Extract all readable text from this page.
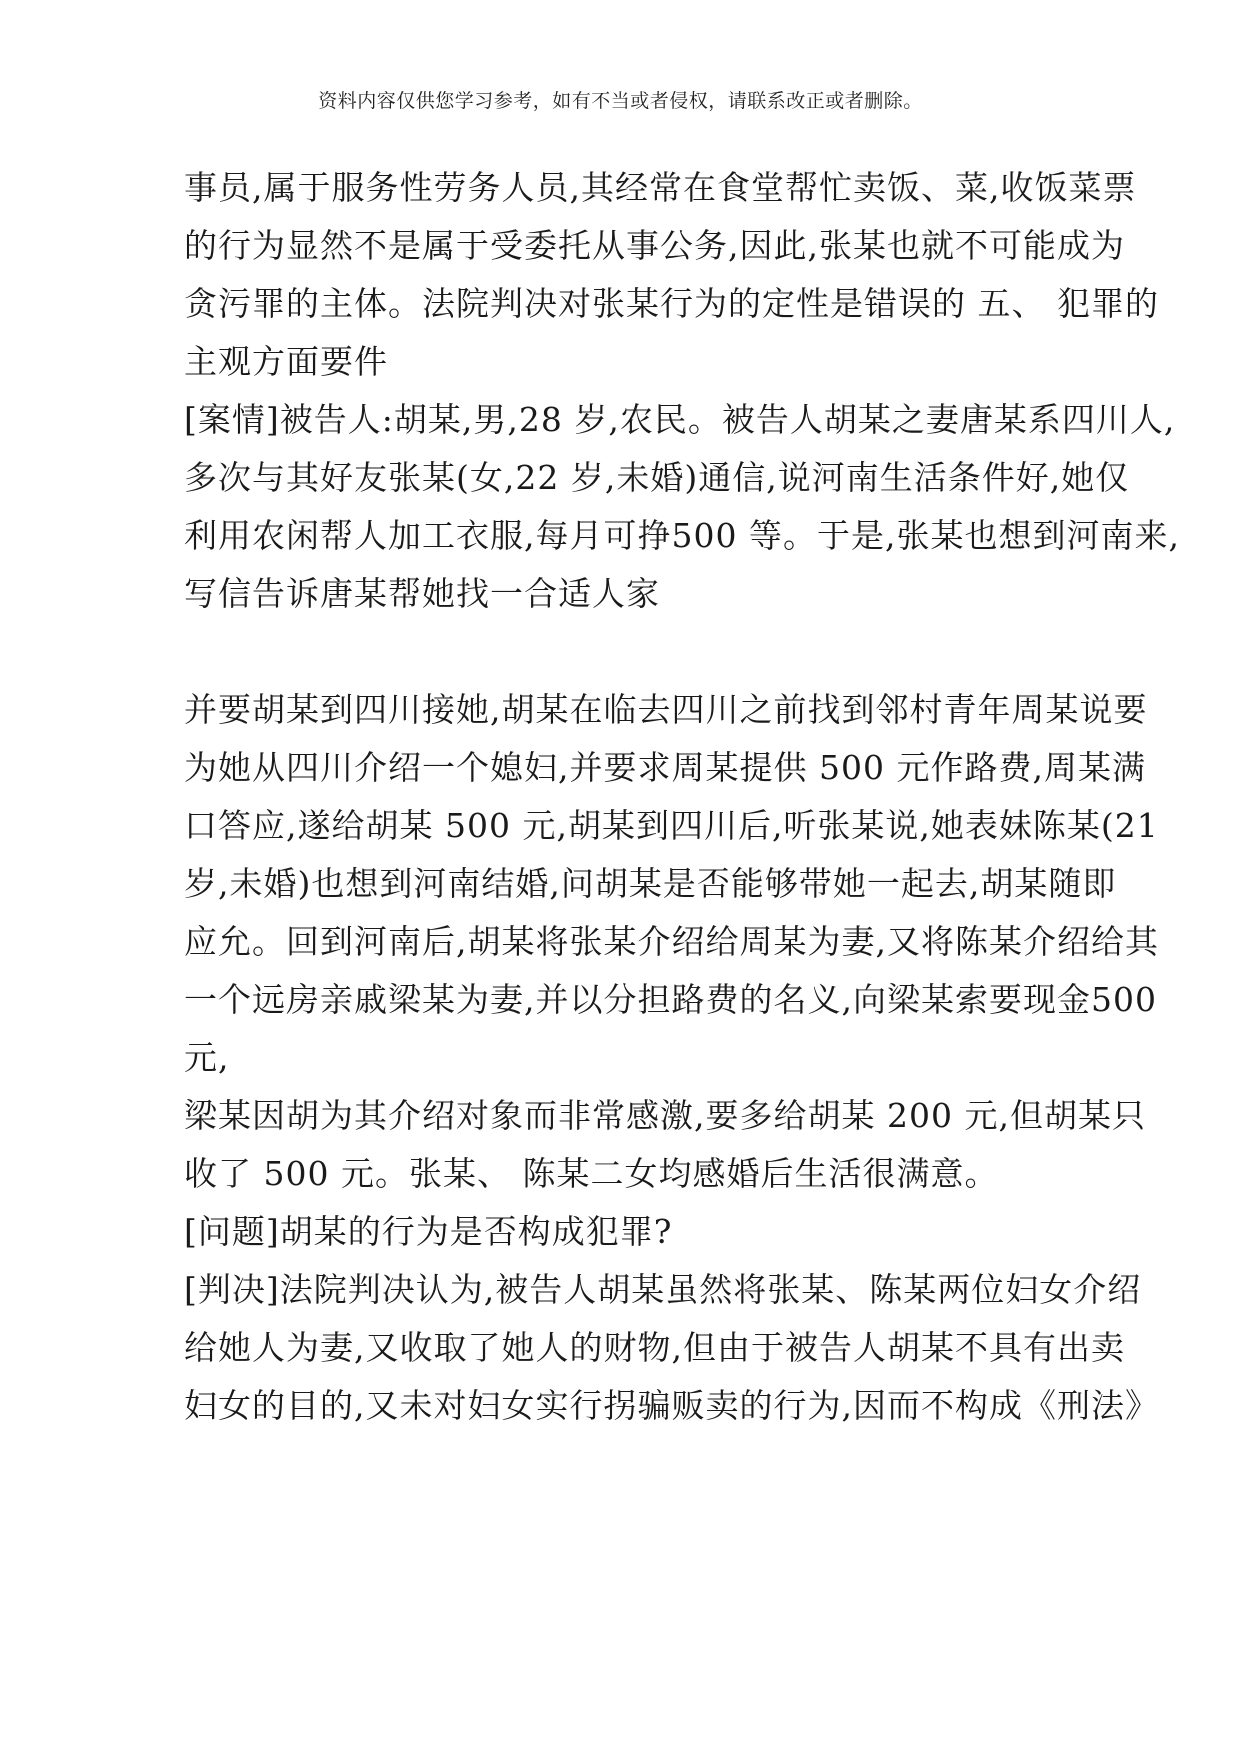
资料内容仅供您学习参考，如有不当或者侵权，请联系改正或者删除。
事员,属于服务性劳务人员,其经常在食堂帮忙卖饭、菜,收饭菜票
的行为显然不是属于受委托从事公务,因此,张某也就不可能成为
贪污罪的主体。法院判决对张某行为的定性是错误的 五、 犯罪的
主观方面要件
[案情]被告人:胡某,男,28 岁,农民。被告人胡某之妻唐某系四川人,
多次与其好友张某(女,22 岁,未婚)通信,说河南生活条件好,她仅
利用农闲帮人加工衣服,每月可挣500 等。于是,张某也想到河南来,
写信告诉唐某帮她找一合适人家
并要胡某到四川接她,胡某在临去四川之前找到邻村青年周某说要
为她从四川介绍一个媳妇,并要求周某提供 500 元作路费,周某满
口答应,遂给胡某 500 元,胡某到四川后,听张某说,她表妹陈某(21
岁,未婚)也想到河南结婚,问胡某是否能够带她一起去,胡某随即
应允。回到河南后,胡某将张某介绍给周某为妻,又将陈某介绍给其
一个远房亲戚梁某为妻,并以分担路费的名义,向梁某索要现金500
元,
梁某因胡为其介绍对象而非常感激,要多给胡某 200 元,但胡某只
收了 500 元。张某、 陈某二女均感婚后生活很满意。
[问题]胡某的行为是否构成犯罪?
[判决]法院判决认为,被告人胡某虽然将张某、陈某两位妇女介绍
给她人为妻,又收取了她人的财物,但由于被告人胡某不具有出卖
妇女的目的,又未对妇女实行拐骗贩卖的行为,因而不构成《刑法》
